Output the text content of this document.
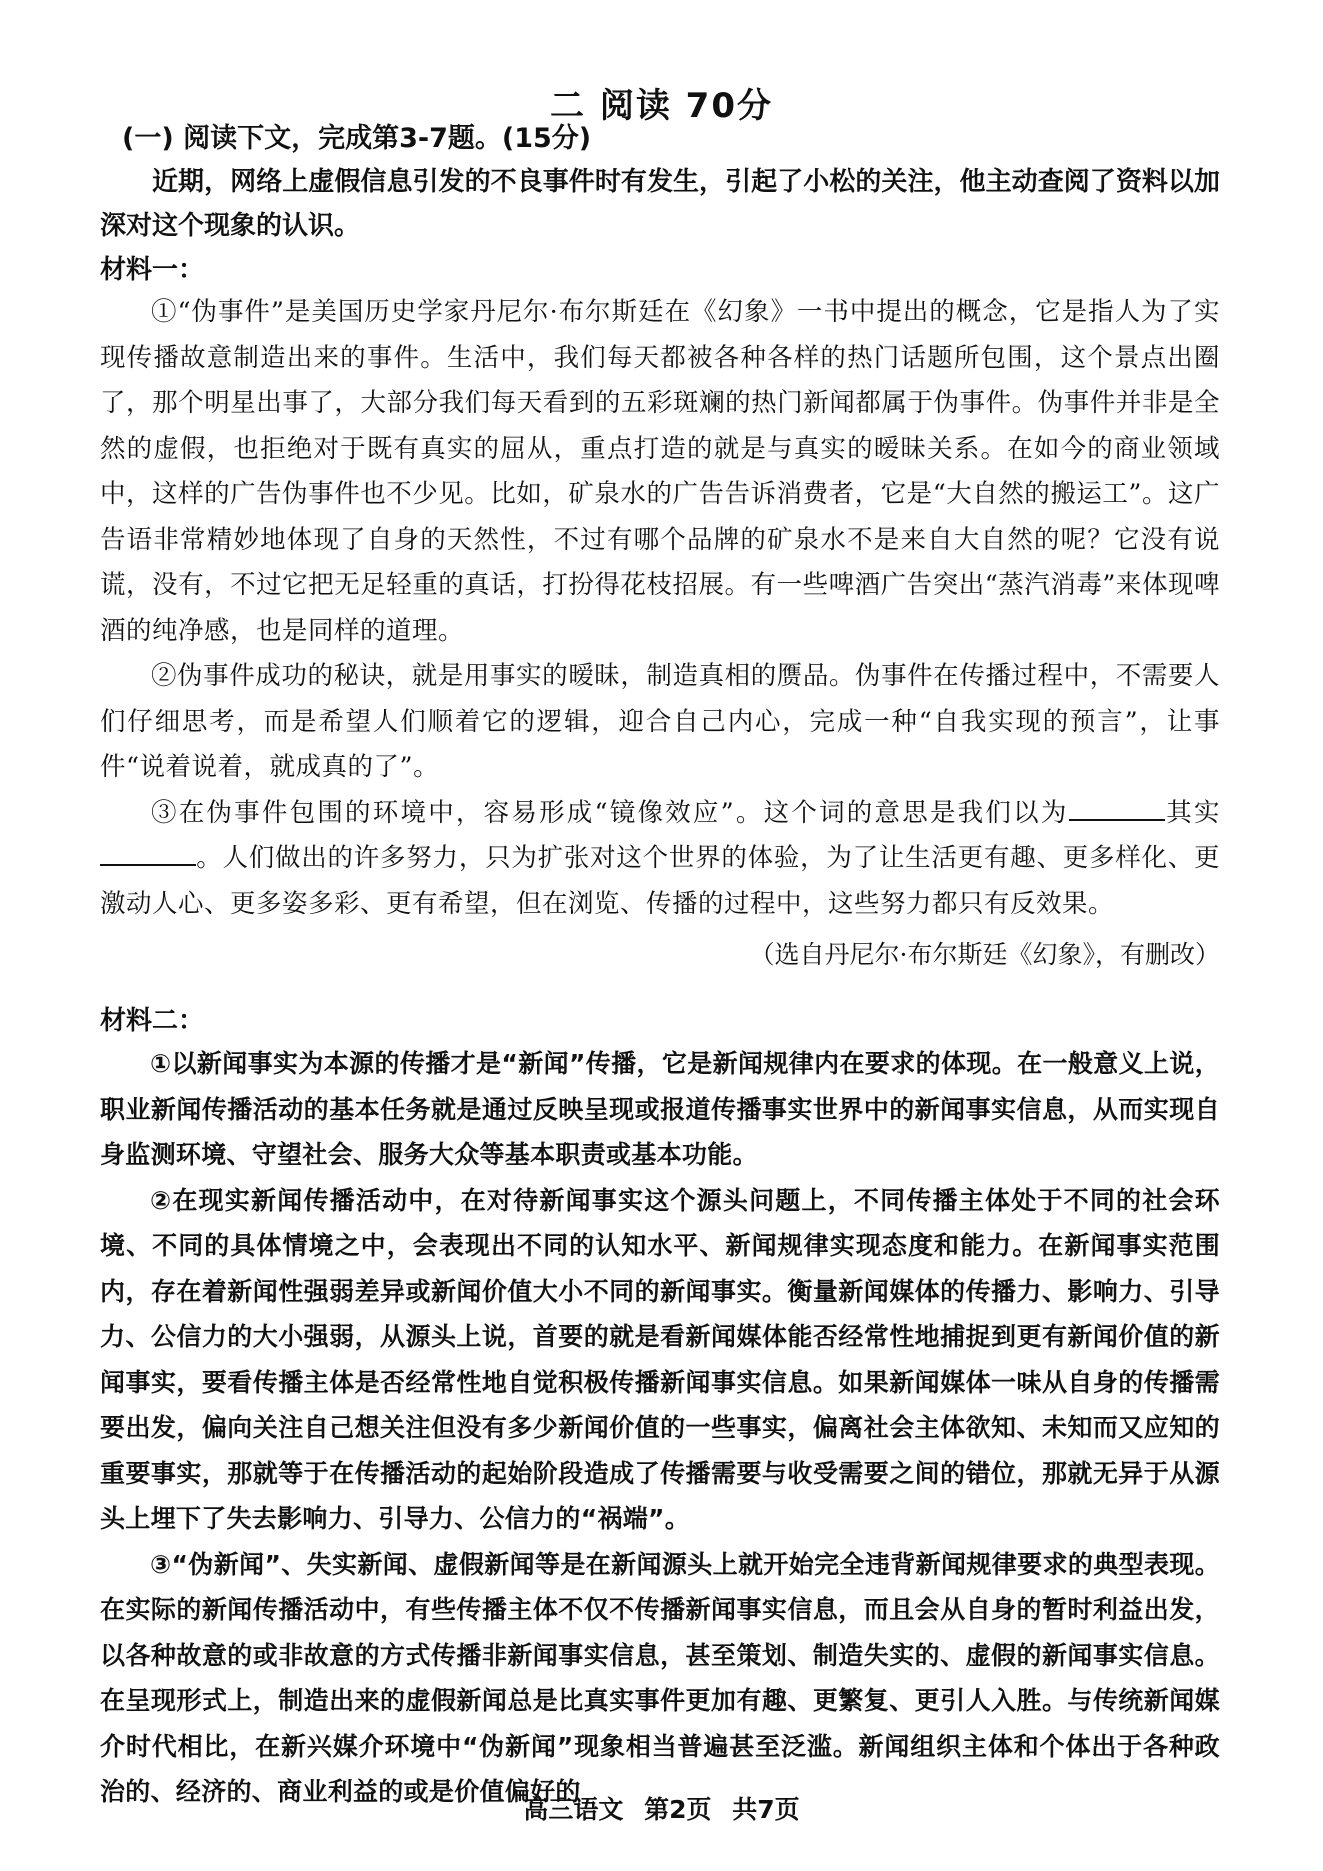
二 阅读 70分
(一) 阅读下文，完成第3-7题。(15分)

近期，网络上虚假信息引发的不良事件时有发生，引起了小松的关注，他主动查阅了资料以加深对这个现象的认识。

材料一：

①“伪事件”是美国历史学家丹尼尔·布尔斯廷在《幻象》一书中提出的概念，它是指人为了实现传播故意制造出来的事件。生活中，我们每天都被各种各样的热门话题所包围，这个景点出圈了，那个明星出事了，大部分我们每天看到的五彩斑斓的热门新闻都属于伪事件。伪事件并非是全然的虚假，也拒绝对于既有真实的屈从，重点打造的就是与真实的暧昧关系。在如今的商业领域中，这样的广告伪事件也不少见。比如，矿泉水的广告告诉消费者，它是“大自然的搬运工”。这广告语非常精妙地体现了自身的天然性，不过有哪个品牌的矿泉水不是来自大自然的呢？它没有说谎，没有，不过它把无足轻重的真话，打扮得花枝招展。有一些啤酒广告突出“蒸汽消毒”来体现啤酒的纯净感，也是同样的道理。

②伪事件成功的秘诀，就是用事实的暧昧，制造真相的赝品。伪事件在传播过程中，不需要人们仔细思考，而是希望人们顺着它的逻辑，迎合自己内心，完成一种“自我实现的预言”，让事件“说着说着，就成真的了”。

③在伪事件包围的环境中，容易形成“镜像效应”。这个词的意思是我们以为	其实。人们做出的许多努力，只为扩张对这个世界的体验，为了让生活更有趣、更多样化、更激动人心、更多姿多彩、更有希望，但在浏览、传播的过程中，这些努力都只有反效果。

（选自丹尼尔·布尔斯廷《幻象》，有删改）
材料二：

①以新闻事实为本源的传播才是“新闻”传播，它是新闻规律内在要求的体现。在一般意义上说，职业新闻传播活动的基本任务就是通过反映呈现或报道传播事实世界中的新闻事实信息，从而实现自身监测环境、守望社会、服务大众等基本职责或基本功能。

②在现实新闻传播活动中，在对待新闻事实这个源头问题上，不同传播主体处于不同的社会环境、不同的具体情境之中，会表现出不同的认知水平、新闻规律实现态度和能力。在新闻事实范围内，存在着新闻性强弱差异或新闻价值大小不同的新闻事实。衡量新闻媒体的传播力、影响力、引导力、公信力的大小强弱，从源头上说，首要的就是看新闻媒体能否经常性地捕捉到更有新闻价值的新闻事实，要看传播主体是否经常性地自觉积极传播新闻事实信息。如果新闻媒体一味从自身的传播需要出发，偏向关注自己想关注但没有多少新闻价值的一些事实，偏离社会主体欲知、未知而又应知的重要事实，那就等于在传播活动的起始阶段造成了传播需要与收受需要之间的错位，那就无异于从源头上埋下了失去影响力、引导力、公信力的“祸端”。

③“伪新闻”、失实新闻、虚假新闻等是在新闻源头上就开始完全违背新闻规律要求的典型表现。在实际的新闻传播活动中，有些传播主体不仅不传播新闻事实信息，而且会从自身的暂时利益出发，以各种故意的或非故意的方式传播非新闻事实信息，甚至策划、制造失实的、虚假的新闻事实信息。在呈现形式上，制造出来的虚假新闻总是比真实事件更加有趣、更繁复、更引人入胜。与传统新闻媒介时代相比，在新兴媒介环境中“伪新闻”现象相当普遍甚至泛滥。新闻组织主体和个体出于各种政治的、经济的、商业利益的或是价值偏好的

高三语文 第2页 共7页
